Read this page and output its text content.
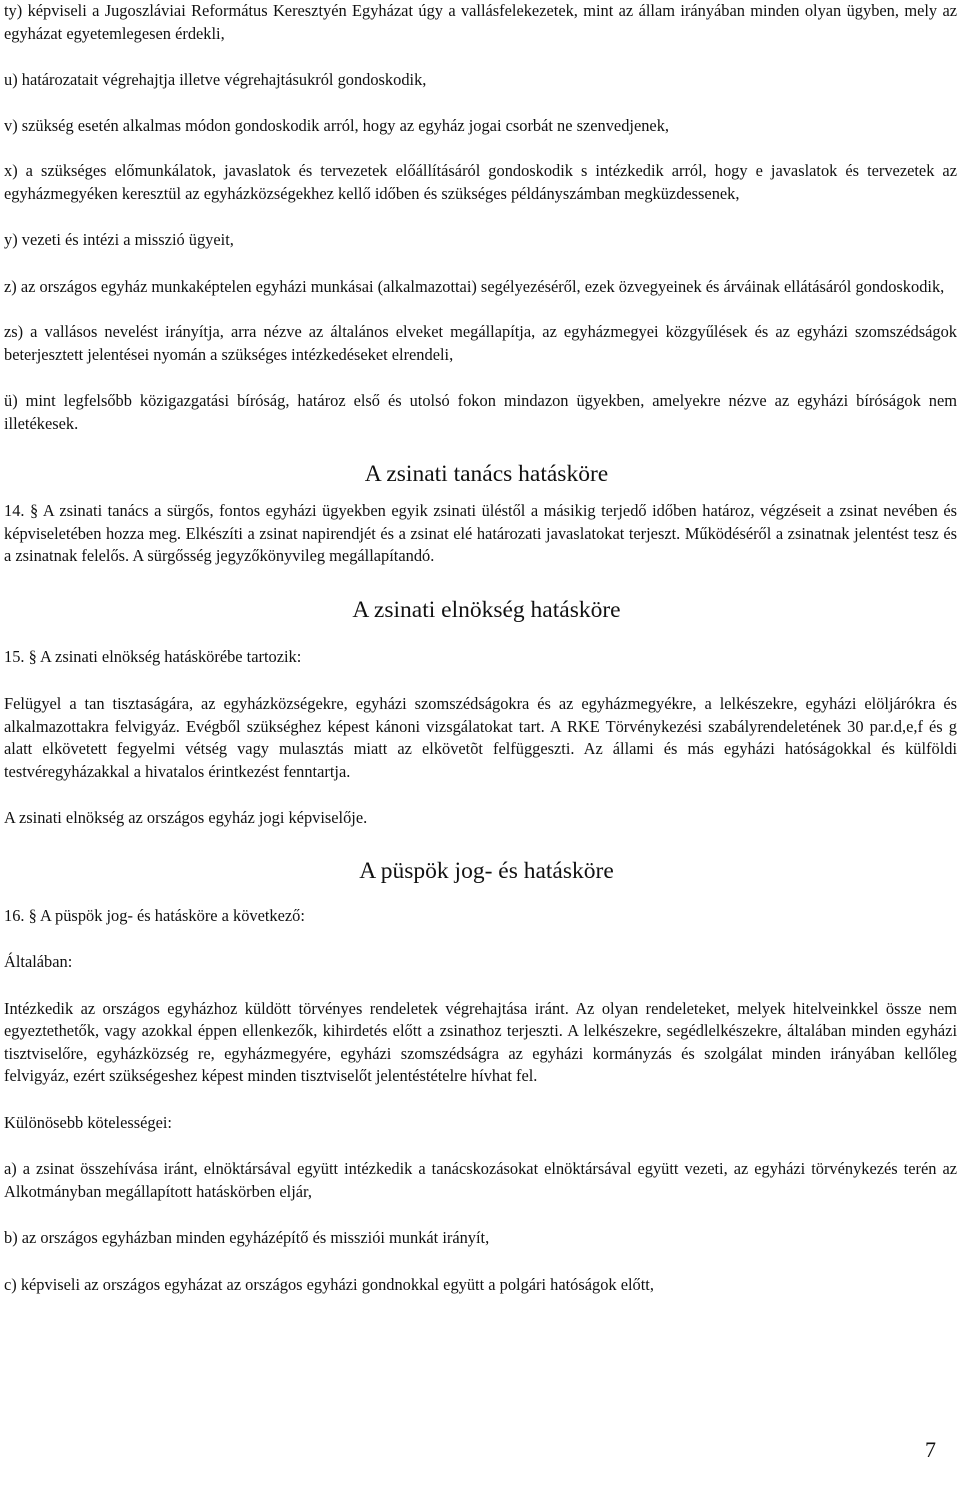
ty) képviseli a Jugoszláviai Református Keresztyén Egyházat úgy a vallásfelekezetek, mint az állam irányában minden olyan ügyben, mely az egyházat egyetemlegesen érdekli,

u) határozatait végrehajtja illetve végrehajtásukról gondoskodik,

v) szükség esetén alkalmas módon gondoskodik arról, hogy az egyház jogai csorbát ne szenvedjenek,

x) a szükséges előmunkálatok, javaslatok és tervezetek előállításáról gondoskodik s intézkedik arról, hogy e javaslatok és tervezetek az egyházmegyéken keresztül az egyházközségekhez kellő időben és szükséges példányszámban megküzdessenek,

y) vezeti és intézi a misszió ügyeit,

z) az országos egyház munkaképtelen egyházi munkásai (alkalmazottai) segélyezéséről, ezek özvegyeinek és árváinak ellátásáról gondoskodik,

zs) a vallásos nevelést irányítja, arra nézve az általános elveket megállapítja, az egyházmegyei közgyűlések és az egyházi szomszédságok beterjesztett jelentései nyomán a szükséges intézkedéseket elrendeli,

ü) mint legfelsőbb közigazgatási bíróság, határoz első és utolsó fokon mindazon ügyekben, amelyekre nézve az egyházi bíróságok nem illetékesek.

A zsinati tanács hatásköre

14. § A zsinati tanács a sürgős, fontos egyházi ügyekben egyik zsinati üléstől a másikig terjedő időben határoz, végzéseit a zsinat nevében és képviseletében hozza meg. Elkészíti a zsinat napirendjét és a zsinat elé határozati javaslatokat terjeszt. Működéséről a zsinatnak jelentést tesz és a zsinatnak felelős. A sürgősség jegyzőkönyvileg megállapítandó.

A zsinati elnökség hatásköre

15. § A zsinati elnökség hatáskörébe tartozik:

Felügyel a tan tisztaságára, az egyházközségekre, egyházi szomszédságokra és az egyházmegyékre, a lelkészekre, egyházi elöljárókra és alkalmazottakra felvigyáz. Evégből szükséghez képest kánoni vizsgálatokat tart. A RKE Törvénykezési szabályrendeletének 30 par.d,e,f és g alatt elkövetett fegyelmi vétség vagy mulasztás miatt az elkövetõt felfüggeszti. Az állami és más egyházi hatóságokkal és külföldi testvéregyházakkal a hivatalos érintkezést fenntartja.

A zsinati elnökség az országos egyház jogi képviselője.

A püspök jog- és hatásköre

16. § A püspök jog- és hatásköre a következő:

Általában:

Intézkedik az országos egyházhoz küldött törvényes rendeletek végrehajtása iránt. Az olyan rendeleteket, melyek hitelveinkkel össze nem egyeztethetők, vagy azokkal éppen ellenkezők, kihirdetés előtt a zsinathoz terjeszti. A lelkészekre, segédlelkészekre, általában minden egyházi tisztviselőre, egyházközség re, egyházmegyére, egyházi szomszédságra az egyházi kormányzás és szolgálat minden irányában kellőleg felvigyáz, ezért szükségeshez képest minden tisztviselőt jelentéstételre hívhat fel.

Különösebb kötelességei:

a) a zsinat összehívása iránt, elnöktársával együtt intézkedik a tanácskozásokat elnöktársával együtt vezeti, az egyházi törvénykezés terén az Alkotmányban megállapított hatáskörben eljár,

b) az országos egyházban minden egyházépítő és missziói munkát irányít,

c) képviseli az országos egyházat az országos egyházi gondnokkal együtt a polgári hatóságok előtt,

7
